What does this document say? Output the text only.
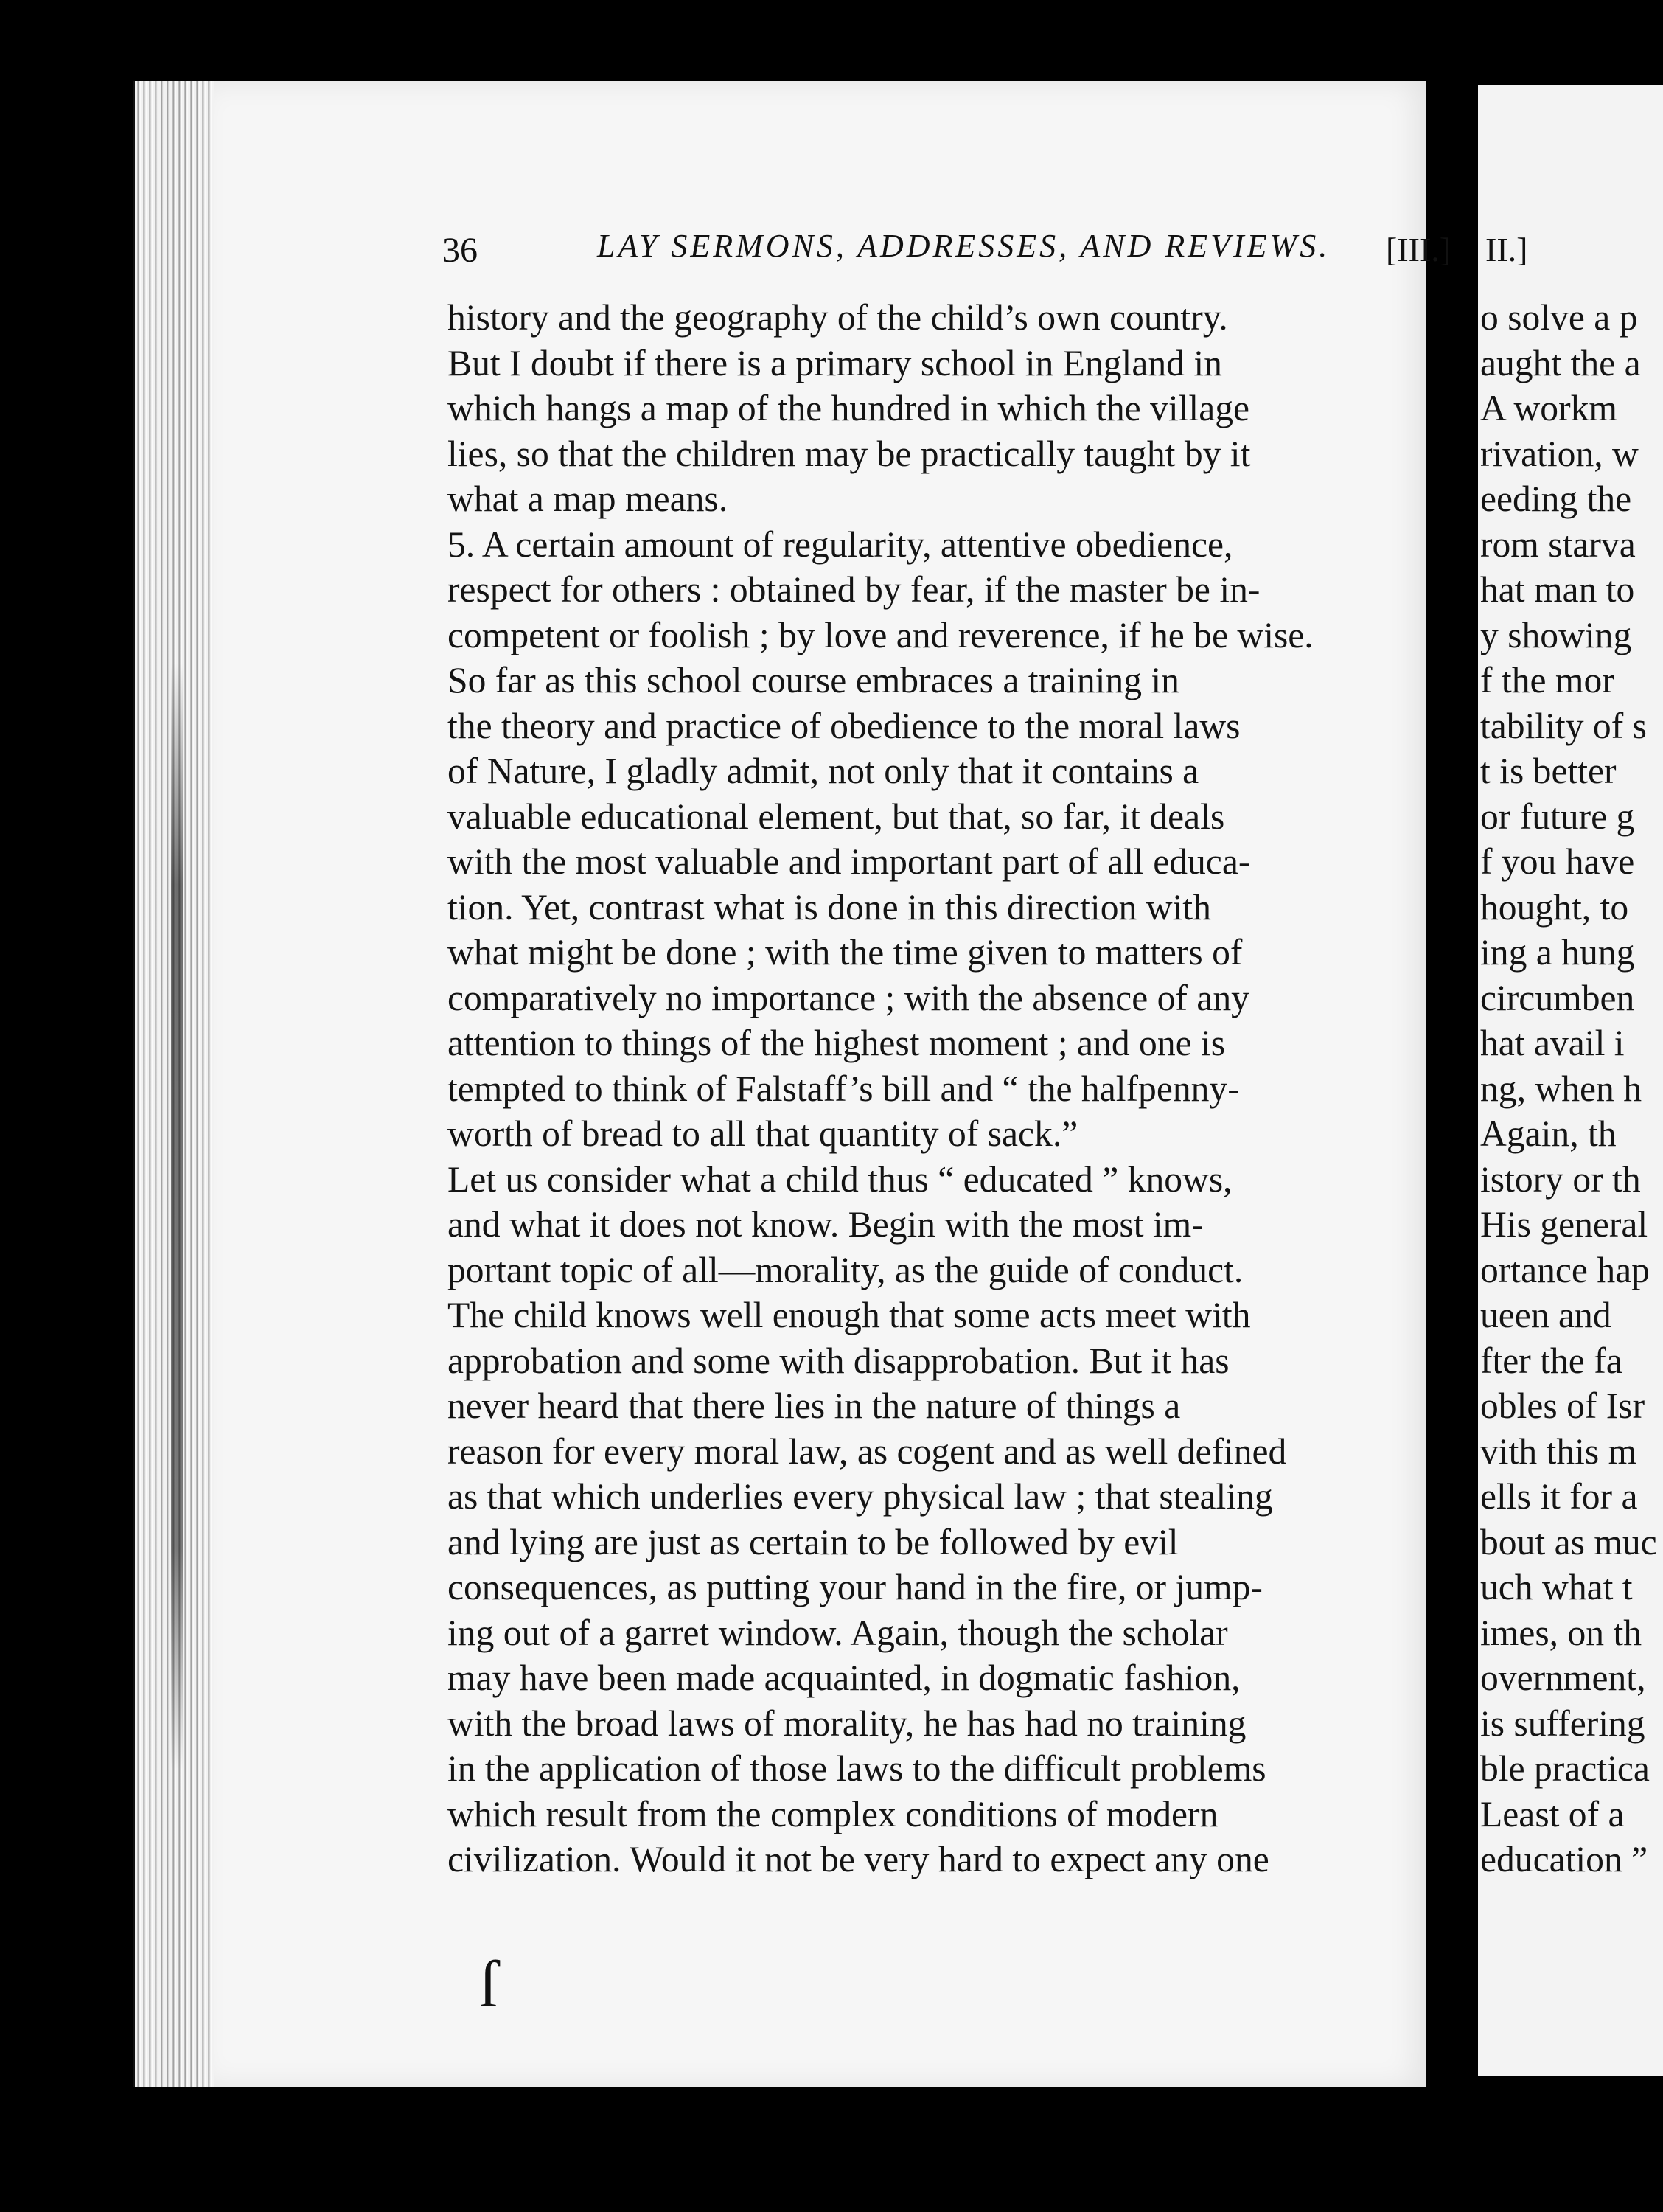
36	LAY SERMONS, ADDRESSES, AND REVIEWS. [III.]
history and the geography of the child’s own country.
But I doubt if there is a primary school in England in
which hangs a map of the hundred in which the village
lies, so that the children may be practically taught by it
what a map means.
5. A certain amount of regularity, attentive obedience,
respect for others : obtained by fear, if the master be in-
competent or foolish ; by love and reverence, if he be wise.
So far as this school course embraces a training in
the theory and practice of obedience to the moral laws
of Nature, I gladly admit, not only that it contains a
valuable educational element, but that, so far, it deals
with the most valuable and important part of all educa-
tion. Yet, contrast what is done in this direction with
what might be done ; with the time given to matters of
comparatively no importance ; with the absence of any
attention to things of the highest moment ; and one is
tempted to think of Falstaff’s bill and “ the halfpenny-
worth of bread to all that quantity of sack.”
Let us consider what a child thus “ educated ” knows,
and what it does not know. Begin with the most im-
portant topic of all—morality, as the guide of conduct.
The child knows well enough that some acts meet with
approbation and some with disapprobation. But it has
never heard that there lies in the nature of things a
reason for every moral law, as cogent and as well defined
as that which underlies every physical law ; that stealing
and lying are just as certain to be followed by evil
consequences, as putting your hand in the fire, or jump-
ing out of a garret window. Again, though the scholar
may have been made acquainted, in dogmatic fashion,
with the broad laws of morality, he has had no training
in the application of those laws to the difficult problems
which result from the complex conditions of modern
civilization. Would it not be very hard to expect any one
II.]
o solve a p
aught the a
A workm
rivation, w
eeding the
rom starva
hat man to
y showing
f the mor
tability of s
t is better
or future g
f you have
hought, to
ing a hung
circumben
hat avail i
ng, when h
Again, th
istory or th
His general
ortance hap
ueen and
fter the fa
obles of Isr
vith this m
ells it for a
bout as muc
uch what t
imes, on th
overnment,
is suffering
ble practica
Least of a
education ”
ſ
